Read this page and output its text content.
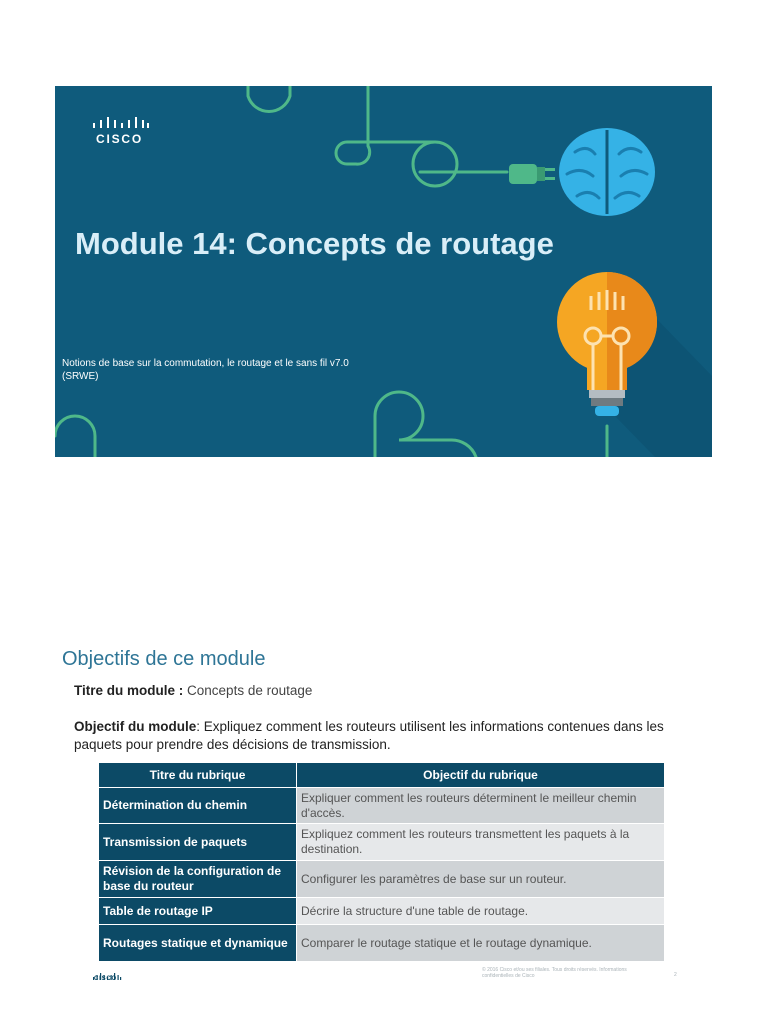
CISCO
Module 14: Concepts de routage
Notions de base sur la commutation, le routage et le sans fil v7.0
(SRWE)
Objectifs de ce module
Titre du module : Concepts de routage
Objectif du module: Expliquez comment les routeurs utilisent les informations contenues dans les paquets pour prendre des décisions de transmission.
Titre du rubrique	Objectif du rubrique
Détermination du chemin	Expliquer comment les routeurs déterminent le meilleur chemin d'accès.
Transmission de paquets	Expliquez comment les routeurs transmettent les paquets à la destination.
Révision de la configuration de base du routeur	Configurer les paramètres de base sur un routeur.
Table de routage IP	Décrire la structure d'une table de routage.
Routages statique et dynamique	Comparer le routage statique et le routage dynamique.
CISCO
© 2016 Cisco et/ou ses filiales. Tous droits réservés. Informations confidentielles de Cisco	2
